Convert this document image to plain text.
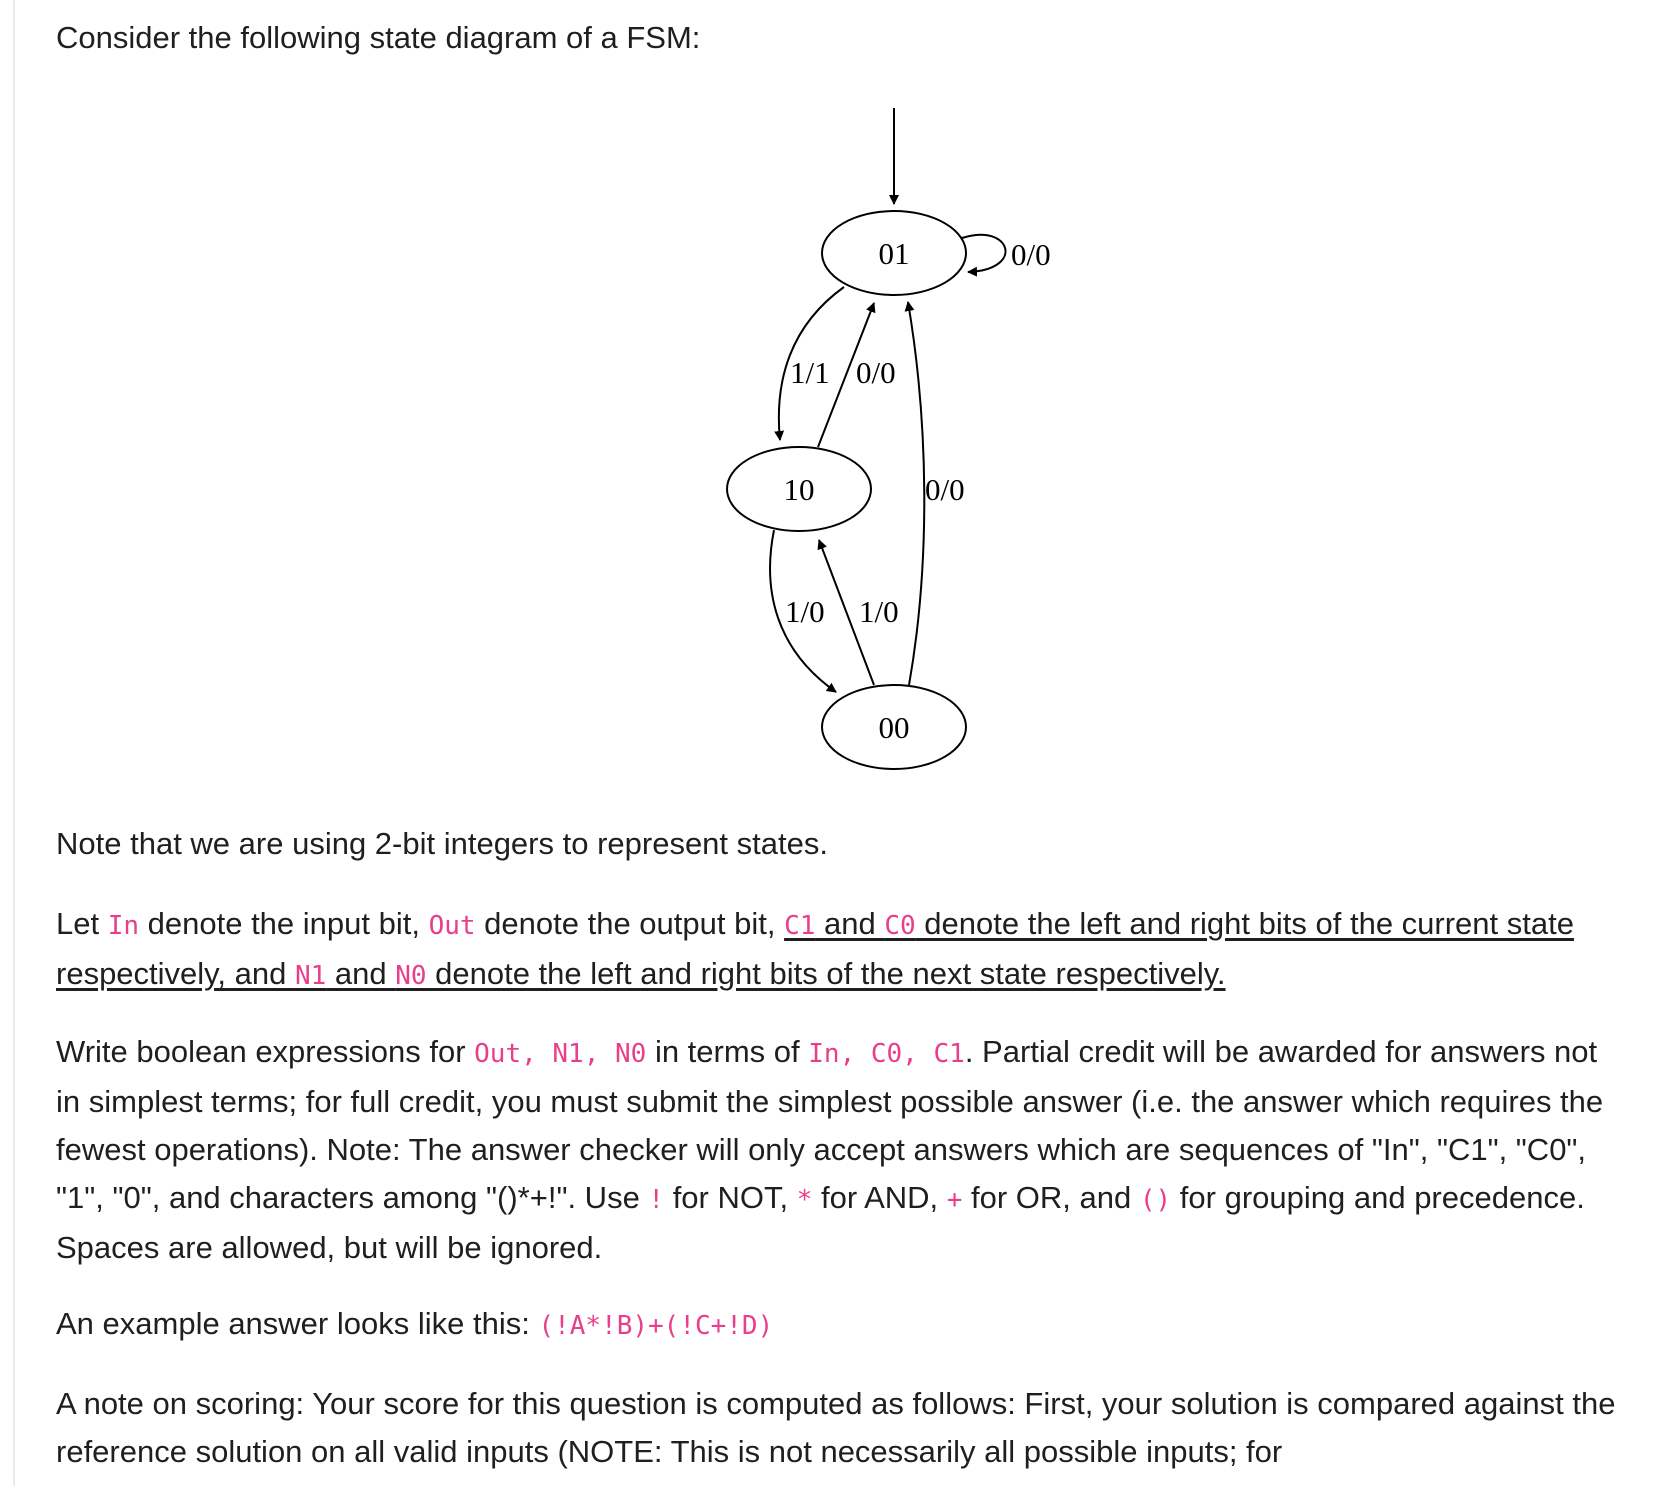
Consider the following state diagram of a FSM:

01
10
00
0/0
1/1 0/0
0/0
1/0 1/0

Note that we are using 2-bit integers to represent states.

Let In denote the input bit, Out denote the output bit, C1 and C0 denote the left and right bits of the current state respectively, and N1 and N0 denote the left and right bits of the next state respectively.

Write boolean expressions for Out, N1, N0 in terms of In, C0, C1. Partial credit will be awarded for answers not in simplest terms; for full credit, you must submit the simplest possible answer (i.e. the answer which requires the fewest operations). Note: The answer checker will only accept answers which are sequences of "In", "C1", "C0", "1", "0", and characters among "()*+!". Use ! for NOT, * for AND, + for OR, and () for grouping and precedence. Spaces are allowed, but will be ignored.

An example answer looks like this: (!A*!B)+(!C+!D)

A note on scoring: Your score for this question is computed as follows: First, your solution is compared against the reference solution on all valid inputs (NOTE: This is not necessarily all possible inputs; for
